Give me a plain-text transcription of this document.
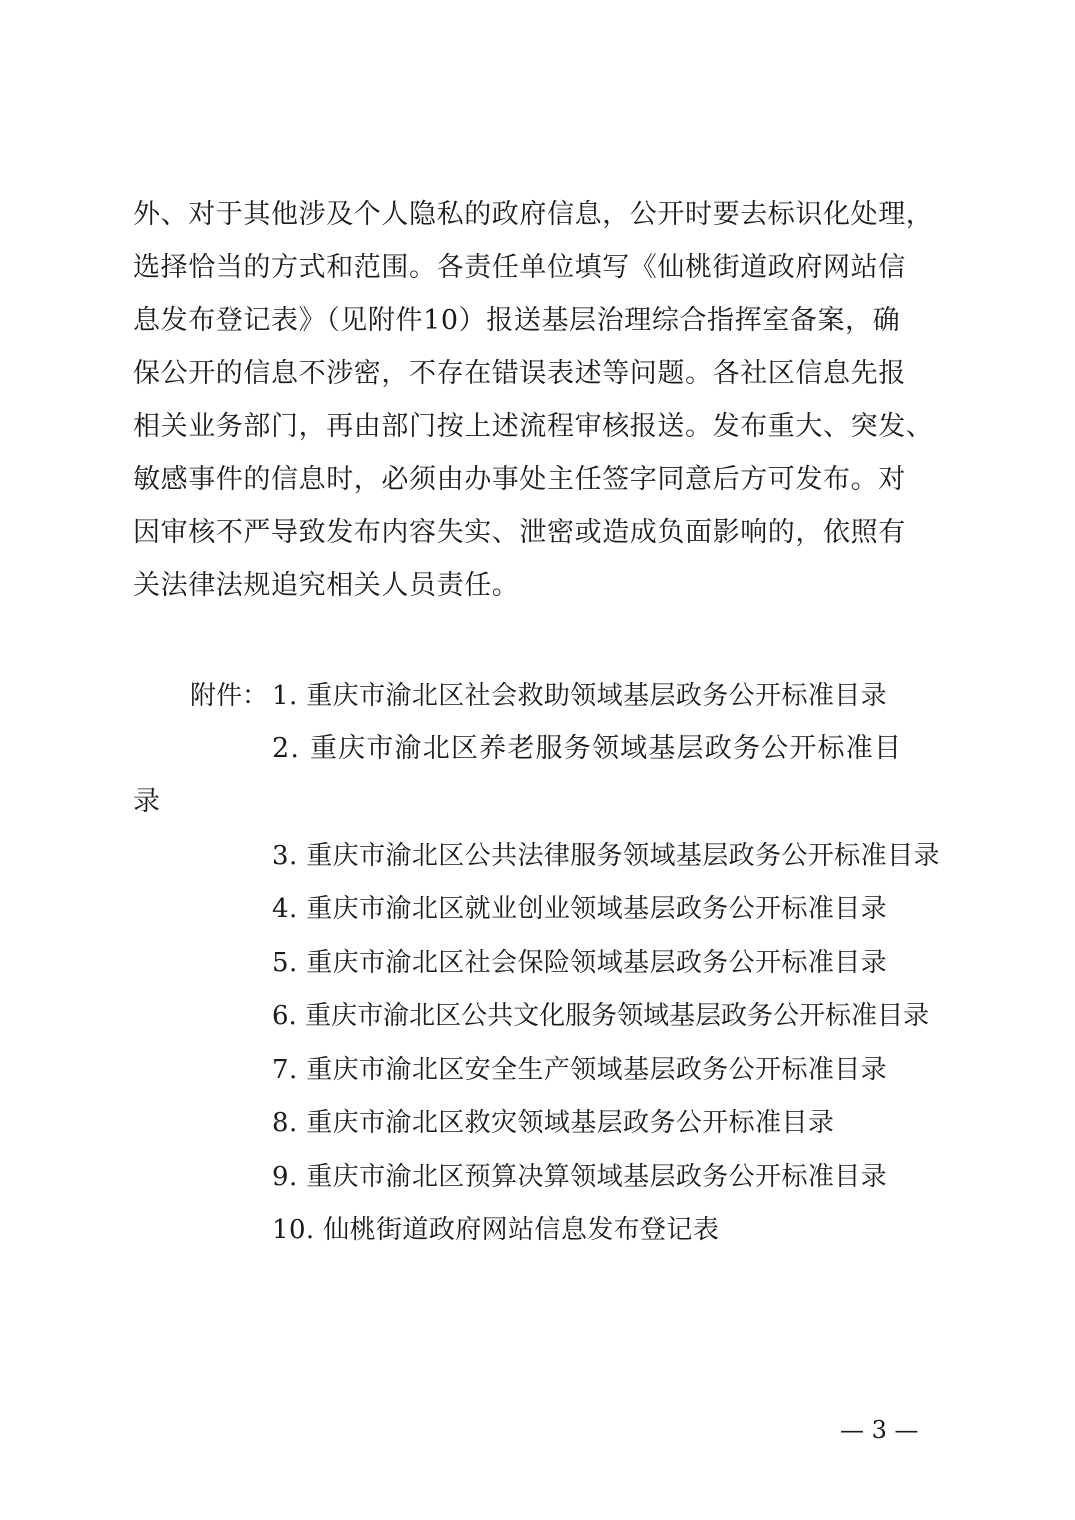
外、对于其他涉及个人隐私的政府信息，公开时要去标识化处理，
选择恰当的方式和范围。各责任单位填写《仙桃街道政府网站信
息发布登记表》（见附件10）报送基层治理综合指挥室备案，确
保公开的信息不涉密，不存在错误表述等问题。各社区信息先报
相关业务部门，再由部门按上述流程审核报送。发布重大、突发、
敏感事件的信息时，必须由办事处主任签字同意后方可发布。对
因审核不严导致发布内容失实、泄密或造成负面影响的，依照有
关法律法规追究相关人员责任。
附件： 1. 重庆市渝北区社会救助领域基层政务公开标准目录
2. 重庆市渝北区养老服务领域基层政务公开标准目
录
3. 重庆市渝北区公共法律服务领域基层政务公开标准目录
4. 重庆市渝北区就业创业领域基层政务公开标准目录
5. 重庆市渝北区社会保险领域基层政务公开标准目录
6. 重庆市渝北区公共文化服务领域基层政务公开标准目录
7. 重庆市渝北区安全生产领域基层政务公开标准目录
8. 重庆市渝北区救灾领域基层政务公开标准目录
9. 重庆市渝北区预算决算领域基层政务公开标准目录
10. 仙桃街道政府网站信息发布登记表
— 3 —
